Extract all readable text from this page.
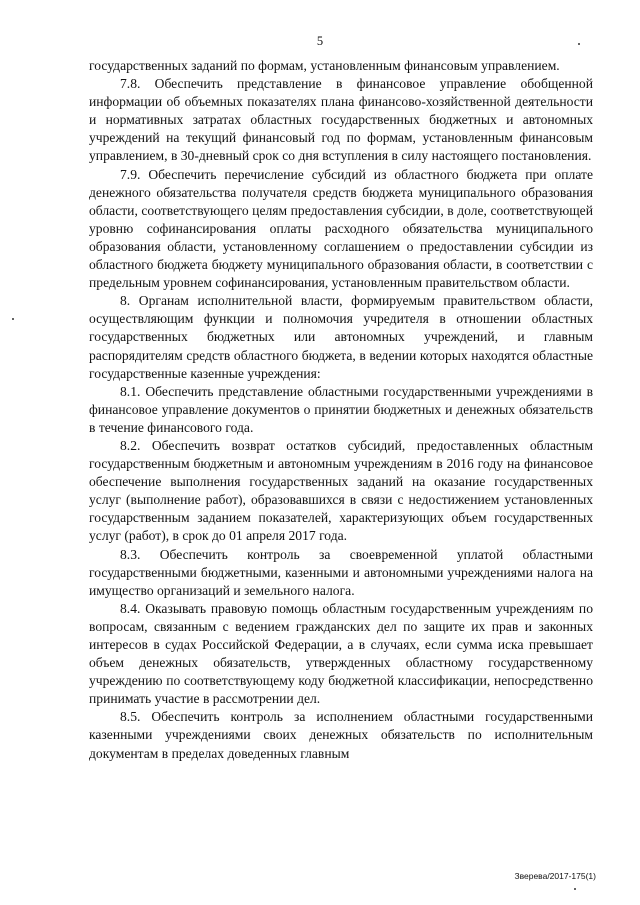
5

государственных заданий по формам, установленным финансовым управлением.

7.8. Обеспечить представление в финансовое управление обобщенной информации об объемных показателях плана финансово-хозяйственной деятельности и нормативных затратах областных государственных бюджетных и автономных учреждений на текущий финансовый год по формам, установленным финансовым управлением, в 30-дневный срок со дня вступления в силу настоящего постановления.

7.9. Обеспечить перечисление субсидий из областного бюджета при оплате денежного обязательства получателя средств бюджета муниципального образования области, соответствующего целям предоставления субсидии, в доле, соответствующей уровню софинансирования оплаты расходного обязательства муниципального образования области, установленному соглашением о предоставлении субсидии из областного бюджета бюджету муниципального образования области, в соответствии с предельным уровнем софинансирования, установленным правительством области.

8. Органам исполнительной власти, формируемым правительством области, осуществляющим функции и полномочия учредителя в отношении областных государственных бюджетных или автономных учреждений, и главным распорядителям средств областного бюджета, в ведении которых находятся областные государственные казенные учреждения:

8.1. Обеспечить представление областными государственными учреждениями в финансовое управление документов о принятии бюджетных и денежных обязательств в течение финансового года.

8.2. Обеспечить возврат остатков субсидий, предоставленных областным государственным бюджетным и автономным учреждениям в 2016 году на финансовое обеспечение выполнения государственных заданий на оказание государственных услуг (выполнение работ), образовавшихся в связи с недостижением установленных государственным заданием показателей, характеризующих объем государственных услуг (работ), в срок до 01 апреля 2017 года.

8.3. Обеспечить контроль за своевременной уплатой областными государственными бюджетными, казенными и автономными учреждениями налога на имущество организаций и земельного налога.

8.4. Оказывать правовую помощь областным государственным учреждениям по вопросам, связанным с ведением гражданских дел по защите их прав и законных интересов в судах Российской Федерации, а в случаях, если сумма иска превышает объем денежных обязательств, утвержденных областному государственному учреждению по соответствующему коду бюджетной классификации, непосредственно принимать участие в рассмотрении дел.

8.5. Обеспечить контроль за исполнением областными государственными казенными учреждениями своих денежных обязательств по исполнительным документам в пределах доведенных главным

Зверева/2017-175(1)
